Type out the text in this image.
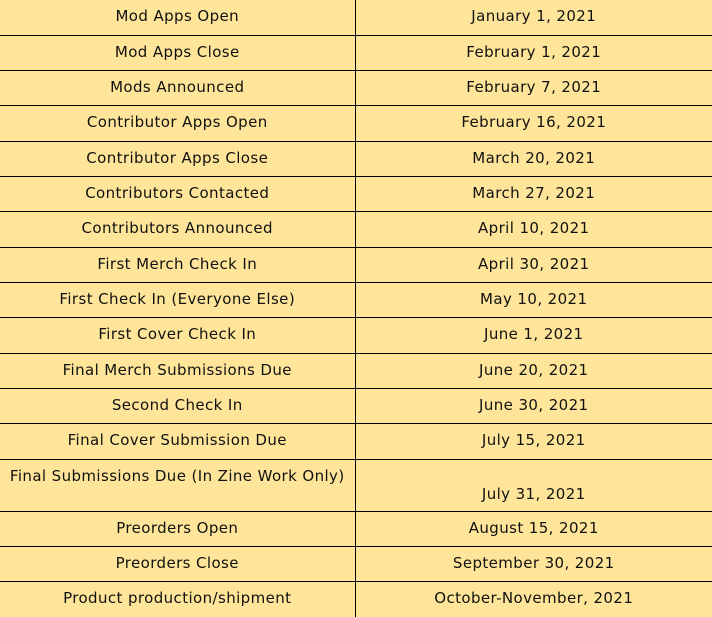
Mod Apps Open	January 1, 2021
Mod Apps Close	February 1, 2021
Mods Announced	February 7, 2021
Contributor Apps Open	February 16, 2021
Contributor Apps Close	March 20, 2021
Contributors Contacted	March 27, 2021
Contributors Announced	April 10, 2021
First Merch Check In	April 30, 2021
First Check In (Everyone Else)	May 10, 2021
First Cover Check In	June 1, 2021
Final Merch Submissions Due	June 20, 2021
Second Check In	June 30, 2021
Final Cover Submission Due	July 15, 2021
Final Submissions Due (In Zine Work Only)	July 31, 2021
Preorders Open	August 15, 2021
Preorders Close	September 30, 2021
Product production/shipment	October-November, 2021
